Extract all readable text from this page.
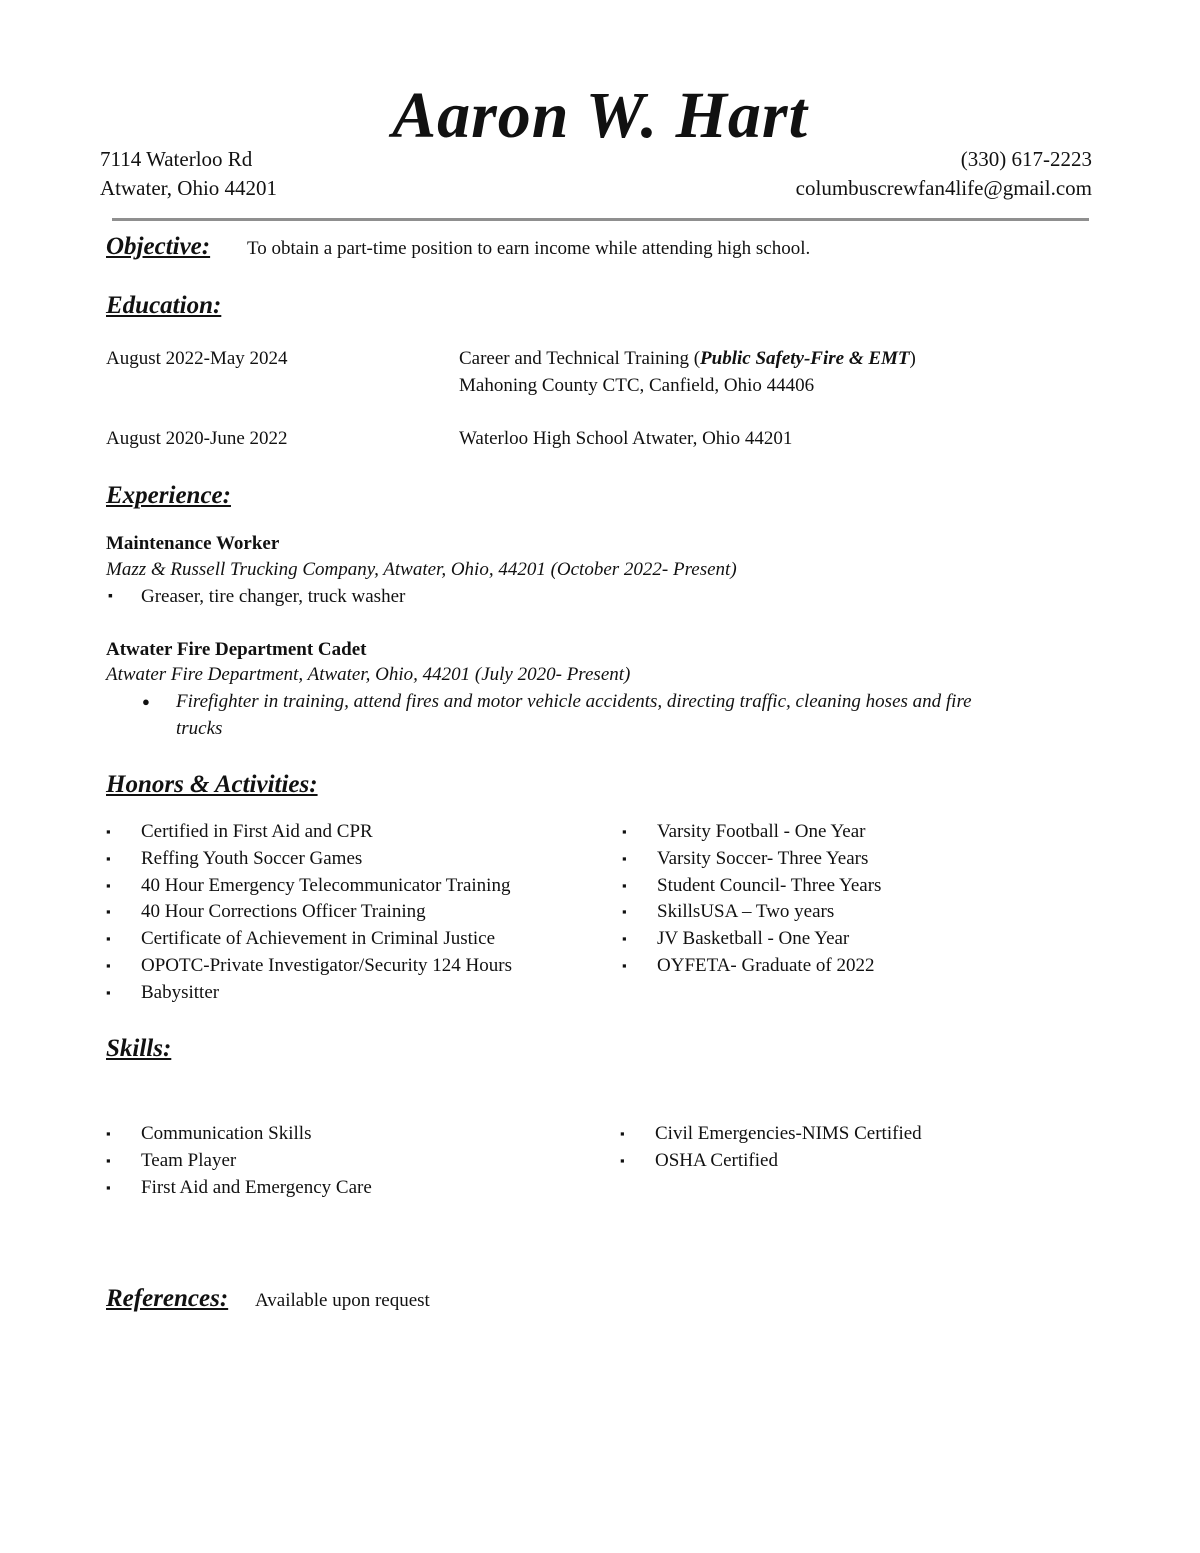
Aaron W. Hart
7114 Waterloo Rd
Atwater, Ohio 44201
(330) 617-2223
columbuscrewfan4life@gmail.com
Objective: To obtain a part-time position to earn income while attending high school.
Education:
August 2022-May 2024	Career and Technical Training (Public Safety-Fire & EMT)
Mahoning County CTC, Canfield, Ohio 44406
August 2020-June 2022	Waterloo High School Atwater, Ohio 44201
Experience:
Maintenance Worker
Mazz & Russell Trucking Company, Atwater, Ohio, 44201 (October 2022- Present)
▪ Greaser, tire changer, truck washer
Atwater Fire Department Cadet
Atwater Fire Department, Atwater, Ohio, 44201 (July 2020- Present)
● Firefighter in training, attend fires and motor vehicle accidents, directing traffic, cleaning hoses and fire
trucks
Honors & Activities:
▪ Certified in First Aid and CPR
▪ Reffing Youth Soccer Games
▪ 40 Hour Emergency Telecommunicator Training
▪ 40 Hour Corrections Officer Training
▪ Certificate of Achievement in Criminal Justice
▪ OPOTC-Private Investigator/Security 124 Hours
▪ Babysitter
▪ Varsity Football - One Year
▪ Varsity Soccer- Three Years
▪ Student Council- Three Years
▪ SkillsUSA – Two years
▪ JV Basketball - One Year
▪ OYFETA- Graduate of 2022
Skills:
▪ Communication Skills
▪ Team Player
▪ First Aid and Emergency Care
▪ Civil Emergencies-NIMS Certified
▪ OSHA Certified
References: Available upon request
